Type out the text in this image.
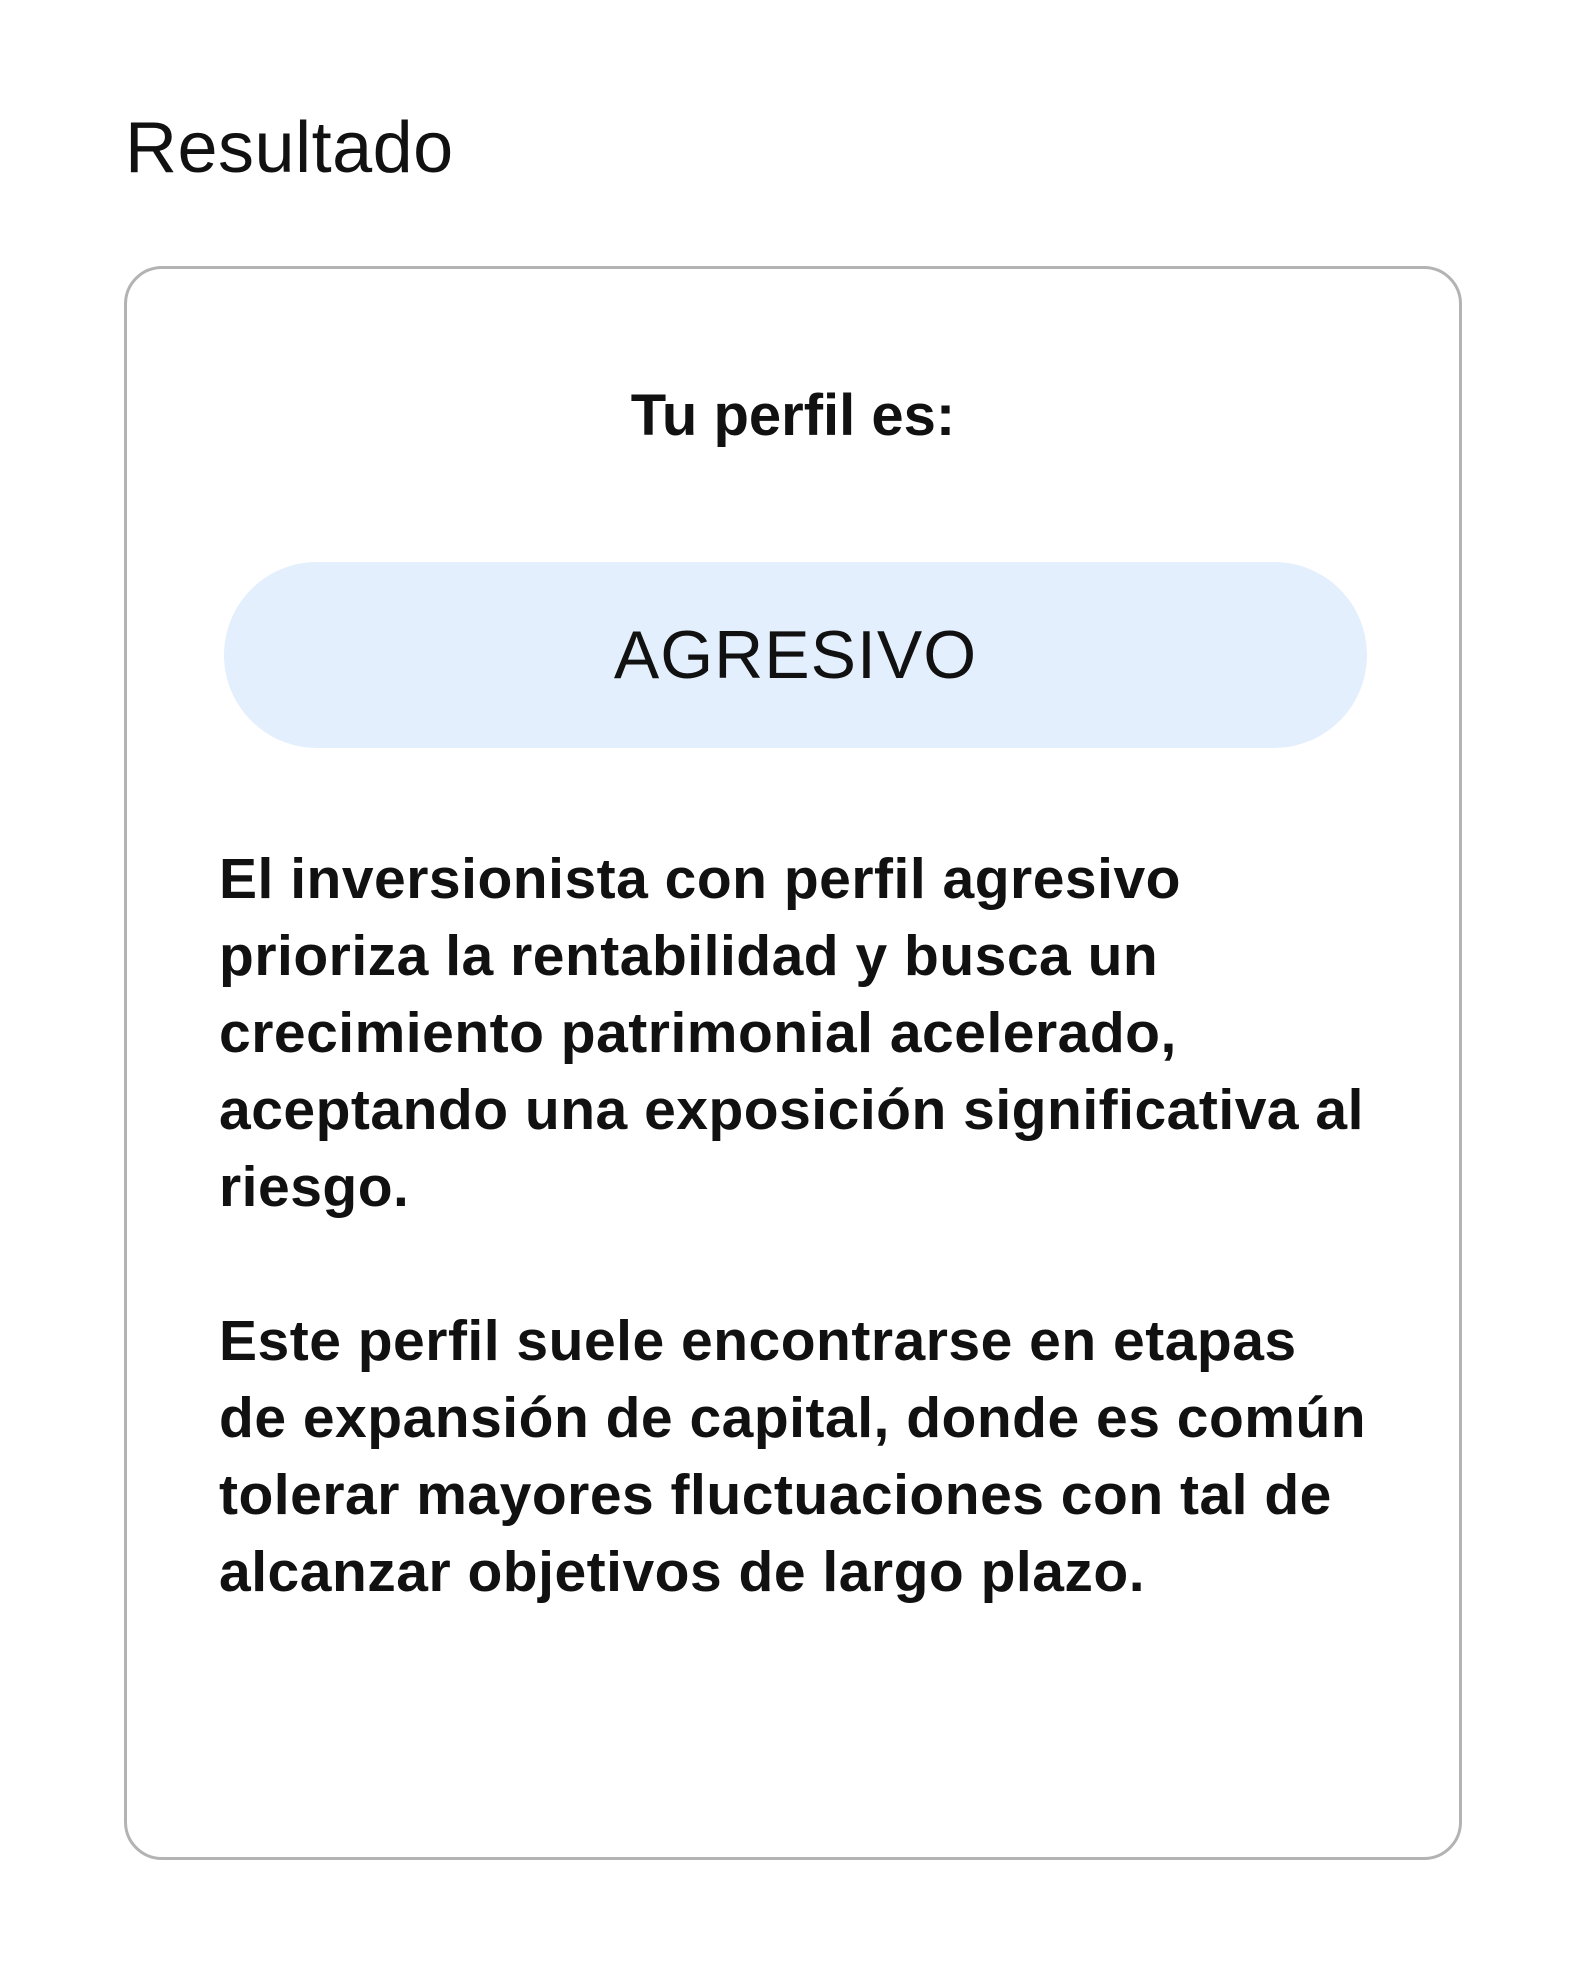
Resultado
Tu perfil es:
AGRESIVO

El inversionista con perfil agresivo prioriza la rentabilidad y busca un crecimiento patrimonial acelerado, aceptando una exposición significativa al riesgo.

Este perfil suele encontrarse en etapas de expansión de capital, donde es común tolerar mayores fluctuaciones con tal de alcanzar objetivos de largo plazo.
